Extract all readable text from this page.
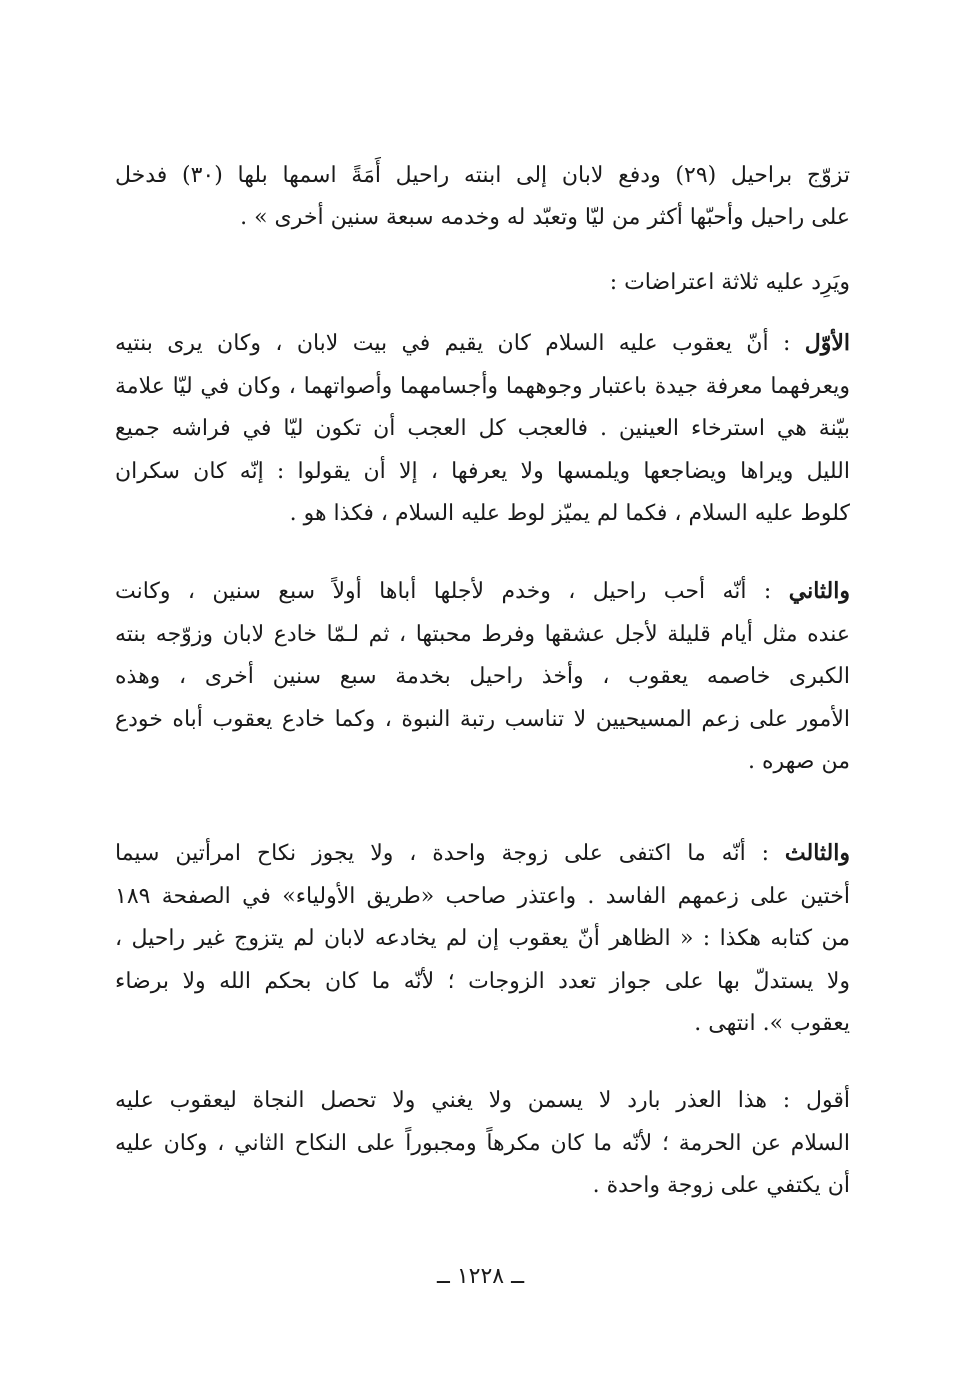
تزوّج براحيل (٢٩) ودفع لابان إلى ابنته راحيل أَمَةً اسمها بلها (٣٠) فدخل
على راحيل وأحبّها أكثر من ليّا وتعبّد له وخدمه سبعة سنين أخرى » .
ويَرِد عليه ثلاثة اعتراضات :
الأوّل : أنّ يعقوب عليه السلام كان يقيم في بيت لابان ، وكان يرى بنتيه
ويعرفهما معرفة جيدة باعتبار وجوههما وأجسامهما وأصواتهما ، وكان في ليّا علامة
بيّنة هي استرخاء العينين . فالعجب كل العجب أن تكون ليّا في فراشه جميع
الليل ويراها ويضاجعها ويلمسها ولا يعرفها ، إلا أن يقولوا : إنّه كان سكران
كلوط عليه السلام ، فكما لم يميّز لوط عليه السلام ، فكذا هو .
والثاني : أنّه أحب راحيل ، وخدم لأجلها أباها أولاً سبع سنين ، وكانت
عنده مثل أيام قليلة لأجل عشقها وفرط محبتها ، ثم لـمّا خادع لابان وزوّجه بنته
الكبرى خاصمه يعقوب ، وأخذ راحيل بخدمة سبع سنين أخرى ، وهذه
الأمور على زعم المسيحيين لا تناسب رتبة النبوة ، وكما خادع يعقوب أباه خودع
من صهره .
والثالث : أنّه ما اكتفى على زوجة واحدة ، ولا يجوز نكاح امرأتين سيما
أختين على زعمهم الفاسد . واعتذر صاحب «طريق الأولياء» في الصفحة ١٨٩
من كتابه هكذا : « الظاهر أنّ يعقوب إن لم يخادعه لابان لم يتزوج غير راحيل ،
ولا يستدلّ بها على جواز تعدد الزوجات ؛ لأنّه ما كان بحكم الله ولا برضاء
يعقوب ». انتهى .
أقول : هذا العذر بارد لا يسمن ولا يغني ولا تحصل النجاة ليعقوب عليه
السلام عن الحرمة ؛ لأنّه ما كان مكرهاً ومجبوراً على النكاح الثاني ، وكان عليه
أن يكتفي على زوجة واحدة .
ــ ١٢٢٨ ــ
